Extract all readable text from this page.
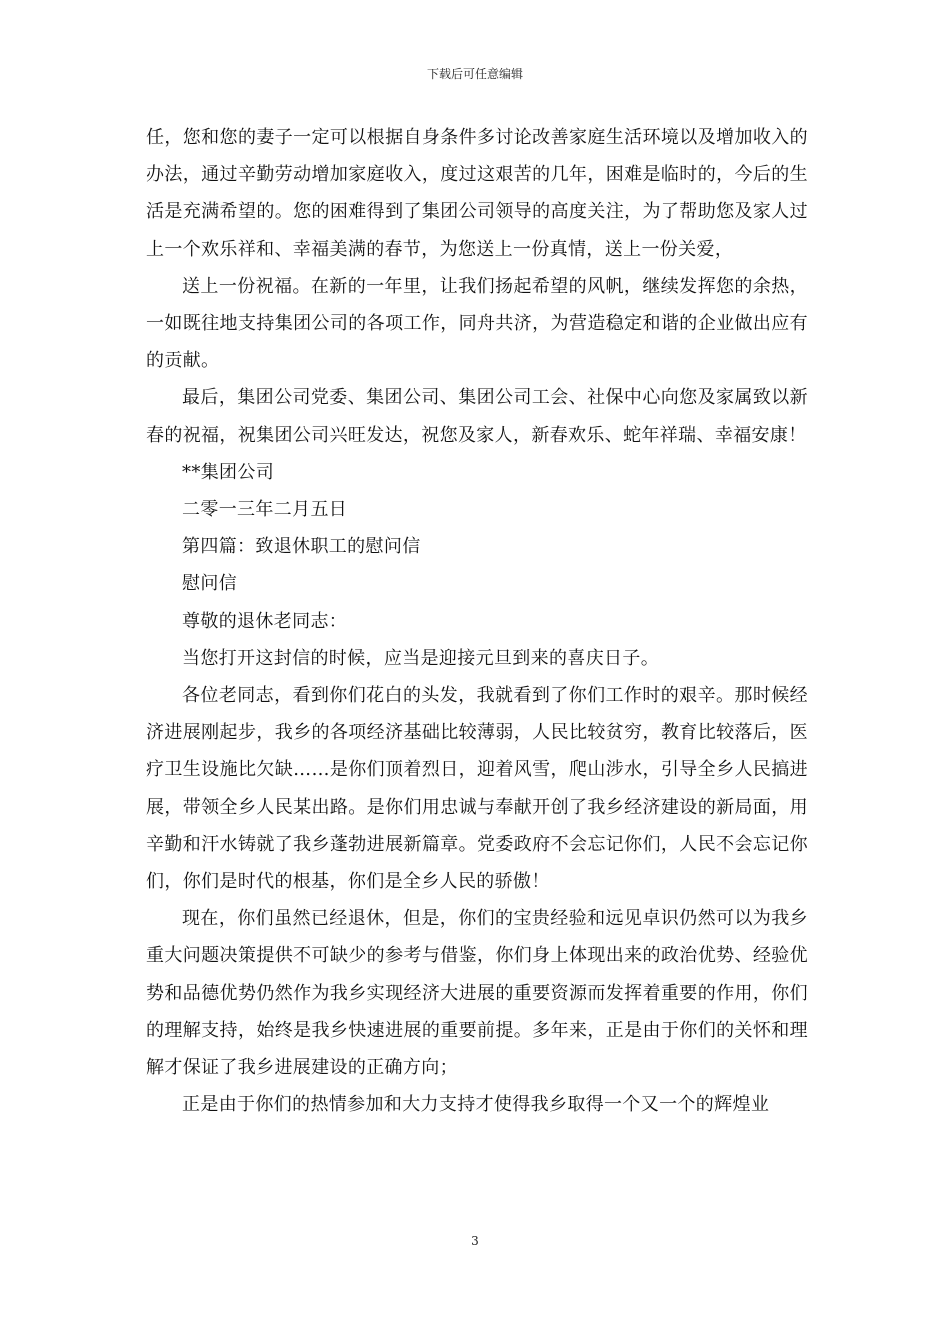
下载后可任意编辑

任，您和您的妻子一定可以根据自身条件多讨论改善家庭生活环境以及增加收入的办法，通过辛勤劳动增加家庭收入，度过这艰苦的几年，困难是临时的，今后的生活是充满希望的。您的困难得到了集团公司领导的高度关注，为了帮助您及家人过上一个欢乐祥和、幸福美满的春节，为您送上一份真情，送上一份关爱，

送上一份祝福。在新的一年里，让我们扬起希望的风帆，继续发挥您的余热，一如既往地支持集团公司的各项工作，同舟共济，为营造稳定和谐的企业做出应有的贡献。

最后，集团公司党委、集团公司、集团公司工会、社保中心向您及家属致以新春的祝福，祝集团公司兴旺发达，祝您及家人，新春欢乐、蛇年祥瑞、幸福安康！

**集团公司

二零一三年二月五日

第四篇：致退休职工的慰问信

慰问信

尊敬的退休老同志：

当您打开这封信的时候，应当是迎接元旦到来的喜庆日子。

各位老同志，看到你们花白的头发，我就看到了你们工作时的艰辛。那时候经济进展刚起步，我乡的各项经济基础比较薄弱，人民比较贫穷，教育比较落后，医疗卫生设施比欠缺……是你们顶着烈日，迎着风雪，爬山涉水，引导全乡人民搞进展，带领全乡人民某出路。是你们用忠诚与奉献开创了我乡经济建设的新局面，用辛勤和汗水铸就了我乡蓬勃进展新篇章。党委政府不会忘记你们，人民不会忘记你们，你们是时代的根基，你们是全乡人民的骄傲！

现在，你们虽然已经退休，但是，你们的宝贵经验和远见卓识仍然可以为我乡重大问题决策提供不可缺少的参考与借鉴，你们身上体现出来的政治优势、经验优势和品德优势仍然作为我乡实现经济大进展的重要资源而发挥着重要的作用，你们的理解支持，始终是我乡快速进展的重要前提。多年来，正是由于你们的关怀和理解才保证了我乡进展建设的正确方向；

正是由于你们的热情参加和大力支持才使得我乡取得一个又一个的辉煌业

3
